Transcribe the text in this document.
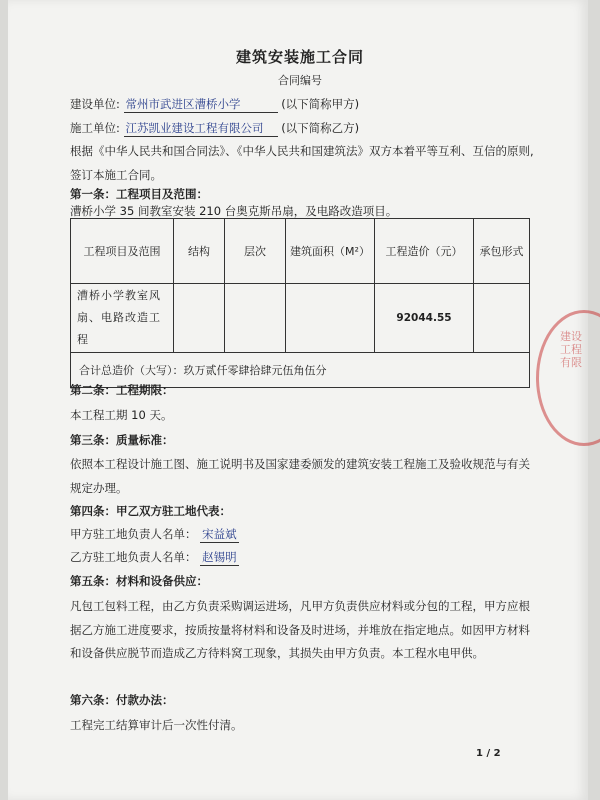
建筑安装施工合同
合同编号
建设单位: 常州市武进区漕桥小学	(以下简称甲方)
施工单位: 江苏凯业建设工程有限公司 (以下简称乙方)
根据《中华人民共和国合同法》、《中华人民共和国建筑法》双方本着平等互利、互信的原则,
签订本施工合同。
第一条：工程项目及范围：
漕桥小学 35 间教室安装 210 台奥克斯吊扇，及电路改造项目。
工程项目及范围	结构	层次	建筑面积（M²）	工程造价（元）	承包形式
漕桥小学教室风
扇、电路改造工程				92044.55	
合计总造价（大写）：玖万贰仟零肆拾肆元伍角伍分					
建设工程有限
第二条：工程期限：
本工程工期 10 天。
第三条：质量标准：
依照本工程设计施工图、施工说明书及国家建委颁发的建筑安装工程施工及验收规范与有关
规定办理。
第四条：甲乙双方驻工地代表：
甲方驻工地负责人名单： 宋益斌
乙方驻工地负责人名单： 赵锡明
第五条：材料和设备供应：
凡包工包料工程，由乙方负责采购调运进场，凡甲方负责供应材料或分包的工程，甲方应根
据乙方施工进度要求，按质按量将材料和设备及时进场，并堆放在指定地点。如因甲方材料
和设备供应脱节而造成乙方待料窝工现象，其损失由甲方负责。本工程水电甲供。
第六条：付款办法：
工程完工结算审计后一次性付清。
1 / 2
